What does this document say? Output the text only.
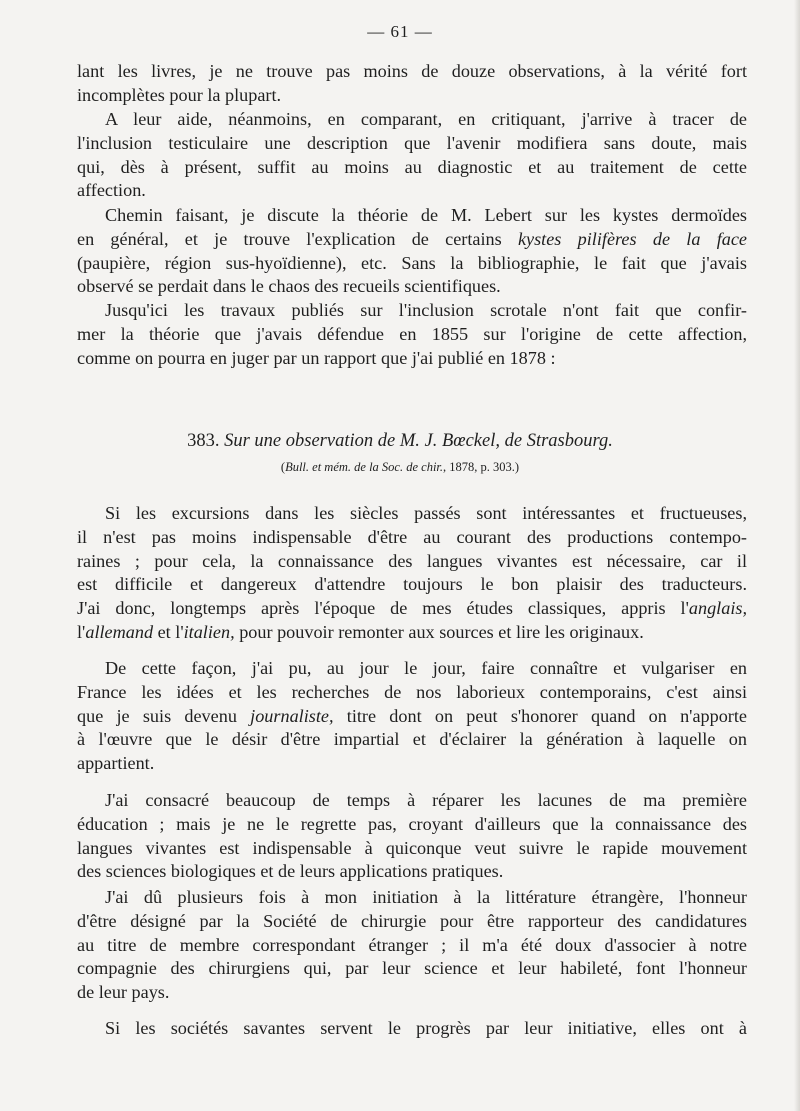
— 61 —
lant les livres, je ne trouve pas moins de douze observations, à la vérité fort
incomplètes pour la plupart.
A leur aide, néanmoins, en comparant, en critiquant, j'arrive à tracer de
l'inclusion testiculaire une description que l'avenir modifiera sans doute, mais
qui, dès à présent, suffit au moins au diagnostic et au traitement de cette
affection.
Chemin faisant, je discute la théorie de M. Lebert sur les kystes dermoïdes
en général, et je trouve l'explication de certains kystes pilifères de la face
(paupière, région sus-hyoïdienne), etc. Sans la bibliographie, le fait que j'avais
observé se perdait dans le chaos des recueils scientifiques.
Jusqu'ici les travaux publiés sur l'inclusion scrotale n'ont fait que confir-
mer la théorie que j'avais défendue en 1855 sur l'origine de cette affection,
comme on pourra en juger par un rapport que j'ai publié en 1878 :
383. Sur une observation de M. J. Bœckel, de Strasbourg.
(Bull. et mém. de la Soc. de chir., 1878, p. 303.)
Si les excursions dans les siècles passés sont intéressantes et fructueuses,
il n'est pas moins indispensable d'être au courant des productions contempo-
raines ; pour cela, la connaissance des langues vivantes est nécessaire, car il
est difficile et dangereux d'attendre toujours le bon plaisir des traducteurs.
J'ai donc, longtemps après l'époque de mes études classiques, appris l'anglais,
l'allemand et l'italien, pour pouvoir remonter aux sources et lire les originaux.
De cette façon, j'ai pu, au jour le jour, faire connaître et vulgariser en
France les idées et les recherches de nos laborieux contemporains, c'est ainsi
que je suis devenu journaliste, titre dont on peut s'honorer quand on n'apporte
à l'œuvre que le désir d'être impartial et d'éclairer la génération à laquelle on
appartient.
J'ai consacré beaucoup de temps à réparer les lacunes de ma première
éducation ; mais je ne le regrette pas, croyant d'ailleurs que la connaissance des
langues vivantes est indispensable à quiconque veut suivre le rapide mouvement
des sciences biologiques et de leurs applications pratiques.
J'ai dû plusieurs fois à mon initiation à la littérature étrangère, l'honneur
d'être désigné par la Société de chirurgie pour être rapporteur des candidatures
au titre de membre correspondant étranger ; il m'a été doux d'associer à notre
compagnie des chirurgiens qui, par leur science et leur habileté, font l'honneur
de leur pays.
Si les sociétés savantes servent le progrès par leur initiative, elles ont à
